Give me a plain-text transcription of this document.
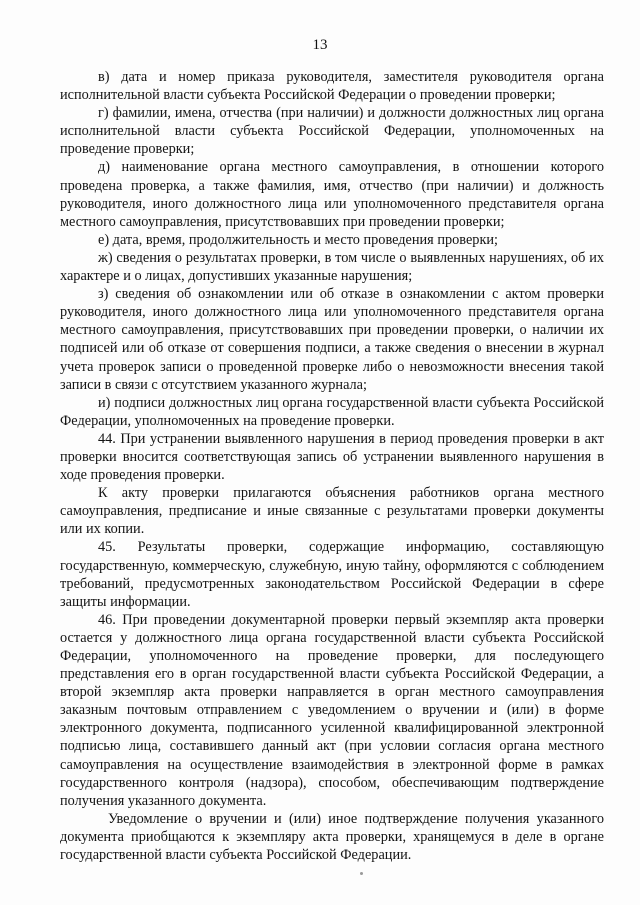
13

в) дата и номер приказа руководителя, заместителя руководителя органа исполнительной власти субъекта Российской Федерации о проведении проверки;

г) фамилии, имена, отчества (при наличии) и должности должностных лиц органа исполнительной власти субъекта Российской Федерации, уполномоченных на проведение проверки;

д) наименование органа местного самоуправления, в отношении которого проведена проверка, а также фамилия, имя, отчество (при наличии) и должность руководителя, иного должностного лица или уполномоченного представителя органа местного самоуправления, присутствовавших при проведении проверки;

е) дата, время, продолжительность и место проведения проверки;

ж) сведения о результатах проверки, в том числе о выявленных нарушениях, об их характере и о лицах, допустивших указанные нарушения;

з) сведения об ознакомлении или об отказе в ознакомлении с актом проверки руководителя, иного должностного лица или уполномоченного представителя органа местного самоуправления, присутствовавших при проведении проверки, о наличии их подписей или об отказе от совершения подписи, а также сведения о внесении в журнал учета проверок записи о проведенной проверке либо о невозможности внесения такой записи в связи с отсутствием указанного журнала;

и) подписи должностных лиц органа государственной власти субъекта Российской Федерации, уполномоченных на проведение проверки.

44. При устранении выявленного нарушения в период проведения проверки в акт проверки вносится соответствующая запись об устранении выявленного нарушения в ходе проведения проверки.

К акту проверки прилагаются объяснения работников органа местного самоуправления, предписание и иные связанные с результатами проверки документы или их копии.

45. Результаты проверки, содержащие информацию, составляющую государственную, коммерческую, служебную, иную тайну, оформляются с соблюдением требований, предусмотренных законодательством Российской Федерации в сфере защиты информации.

46. При проведении документарной проверки первый экземпляр акта проверки остается у должностного лица органа государственной власти субъекта Российской Федерации, уполномоченного на проведение проверки, для последующего представления его в орган государственной власти субъекта Российской Федерации, а второй экземпляр акта проверки направляется в орган местного самоуправления заказным почтовым отправлением с уведомлением о вручении и (или) в форме электронного документа, подписанного усиленной квалифицированной электронной подписью лица, составившего данный акт (при условии согласия органа местного самоуправления на осуществление взаимодействия в электронной форме в рамках государственного контроля (надзора), способом, обеспечивающим подтверждение получения указанного документа.

Уведомление о вручении и (или) иное подтверждение получения указанного документа приобщаются к экземпляру акта проверки, хранящемуся в деле в органе государственной власти субъекта Российской Федерации.
